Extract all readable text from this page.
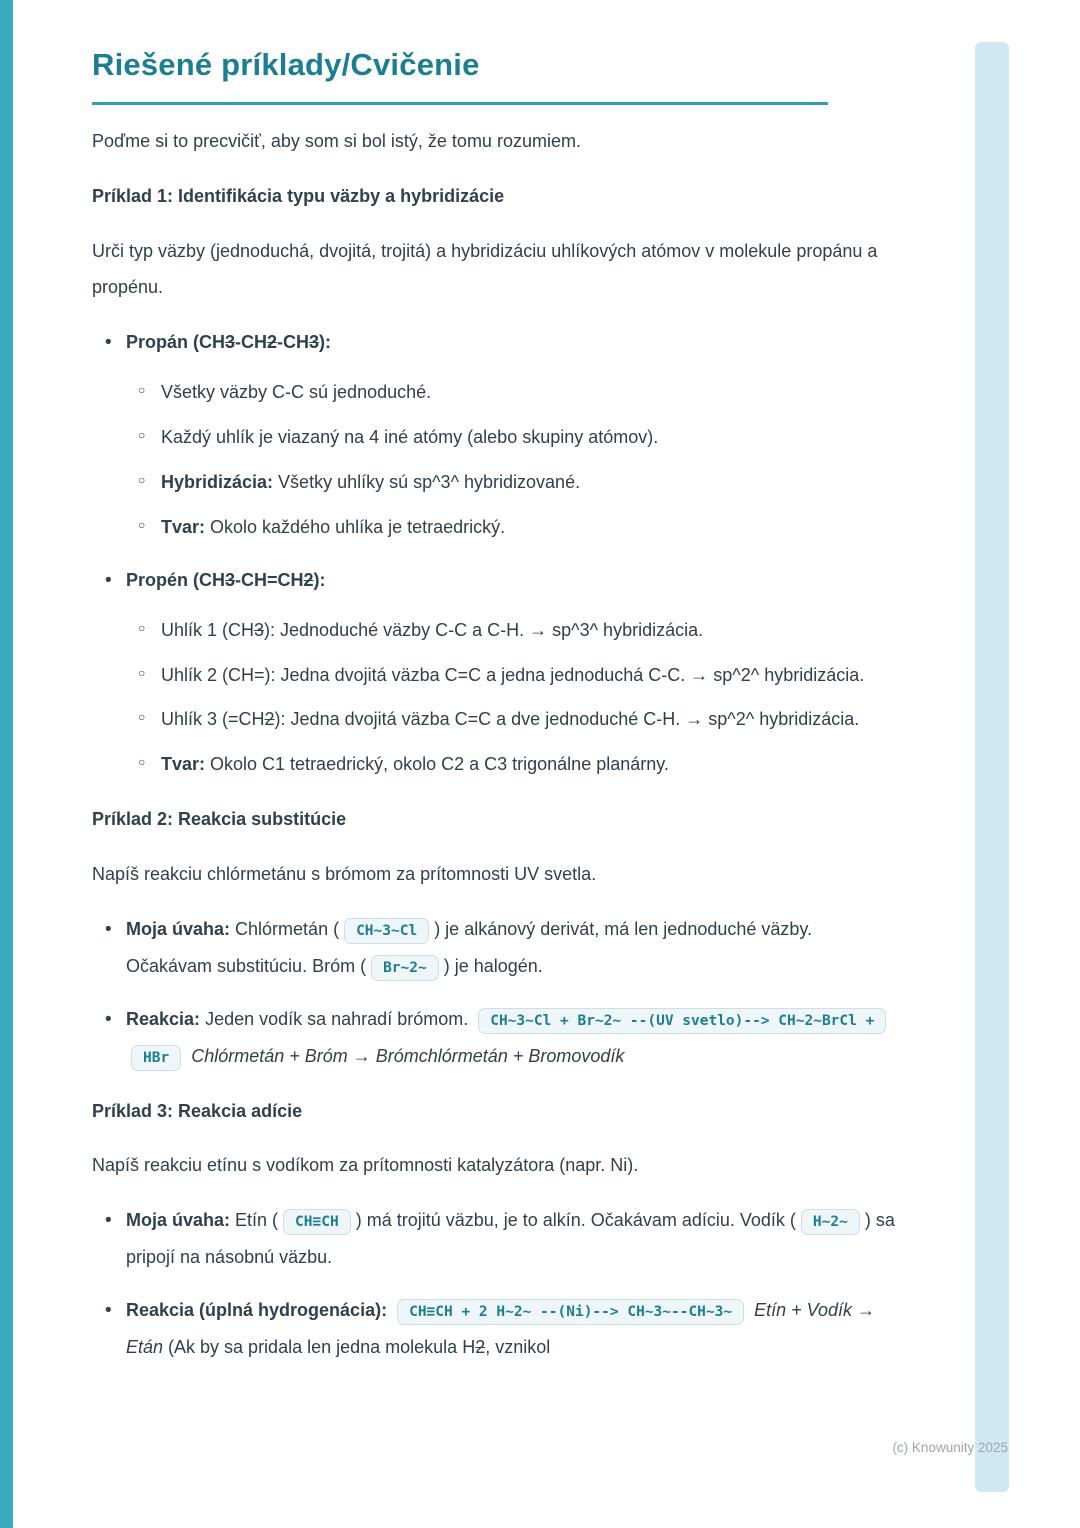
Riešené príklady/Cvičenie

Poďme si to precvičiť, aby som si bol istý, že tomu rozumiem.

Príklad 1: Identifikácia typu väzby a hybridizácie

Urči typ väzby (jednoduchá, dvojitá, trojitá) a hybridizáciu uhlíkových atómov v molekule propánu a propénu.

• Propán (CH3-CH2-CH3):
○ Všetky väzby C-C sú jednoduché.
○ Každý uhlík je viazaný na 4 iné atómy (alebo skupiny atómov).
○ Hybridizácia: Všetky uhlíky sú sp^3^ hybridizované.
○ Tvar: Okolo každého uhlíka je tetraedrický.
• Propén (CH3-CH=CH2):
○ Uhlík 1 (CH3): Jednoduché väzby C-C a C-H. → sp^3^ hybridizácia.
○ Uhlík 2 (CH=): Jedna dvojitá väzba C=C a jedna jednoduchá C-C. → sp^2^ hybridizácia.
○ Uhlík 3 (=CH2): Jedna dvojitá väzba C=C a dve jednoduché C-H. → sp^2^ hybridizácia.
○ Tvar: Okolo C1 tetraedrický, okolo C2 a C3 trigonálne planárny.

Príklad 2: Reakcia substitúcie

Napíš reakciu chlórmetánu s brómom za prítomnosti UV svetla.

• Moja úvaha: Chlórmetán ( CH~3~Cl ) je alkánový derivát, má len jednoduché väzby. Očakávam substitúciu. Bróm ( Br~2~ ) je halogén.
• Reakcia: Jeden vodík sa nahradí brómom. CH~3~Cl + Br~2~ --(UV svetlo)--> CH~2~BrCl + HBr Chlórmetán + Bróm → Brómchlórmetán + Bromovodík

Príklad 3: Reakcia adície

Napíš reakciu etínu s vodíkom za prítomnosti katalyzátora (napr. Ni).

• Moja úvaha: Etín ( CH≡CH ) má trojitú väzbu, je to alkín. Očakávam adíciu. Vodík ( H~2~ ) sa pripojí na násobnú väzbu.
• Reakcia (úplná hydrogenácia): CH≡CH + 2 H~2~ --(Ni)--> CH~3~--CH~3~ Etín + Vodík → Etán (Ak by sa pridala len jedna molekula H2, vznikol
(c) Knowunity 2025
